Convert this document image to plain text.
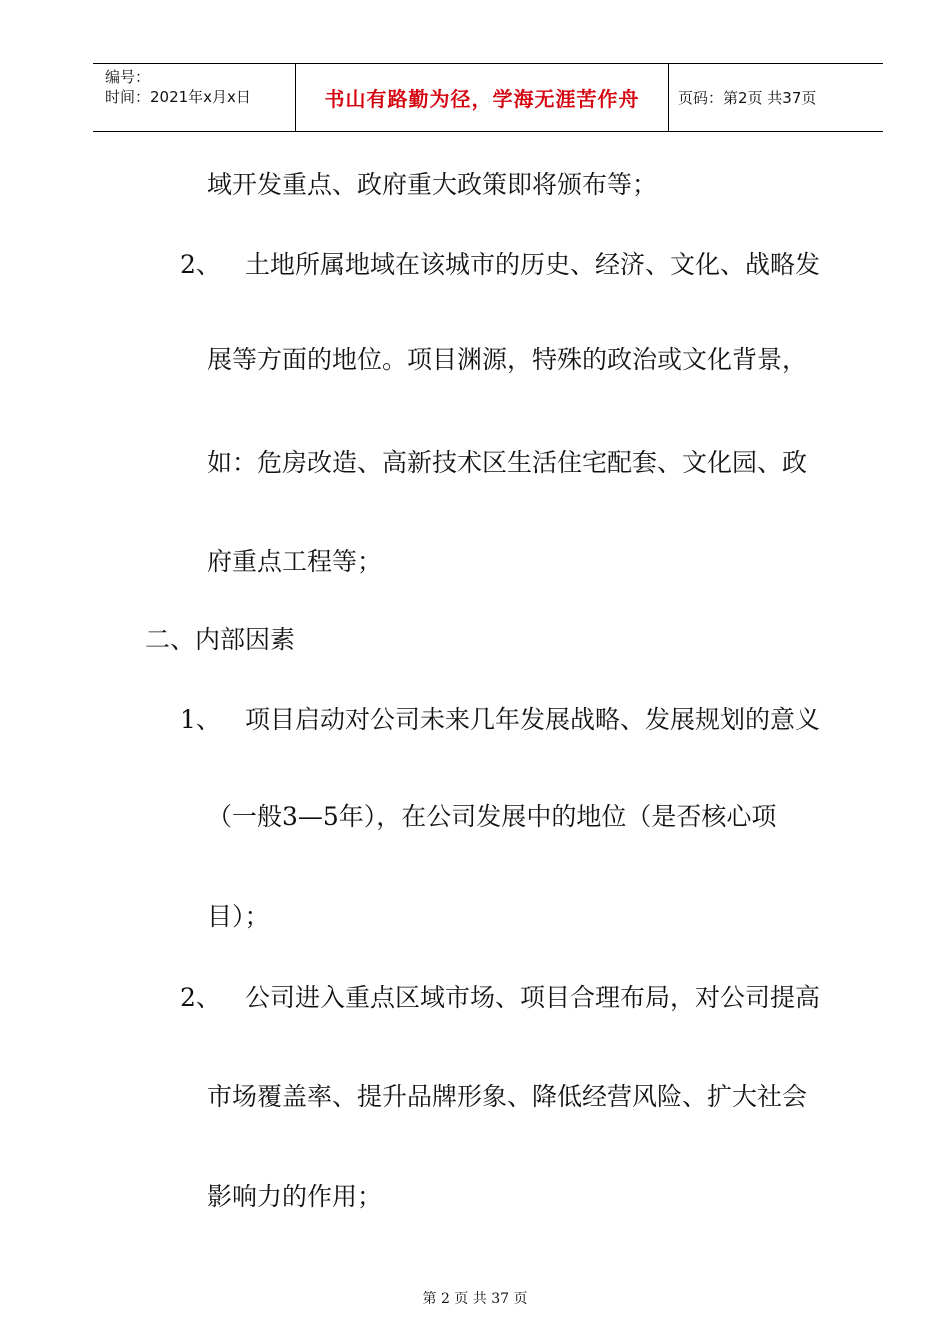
编号：
时间：2021年x月x日	书山有路勤为径，学海无涯苦作舟	页码：第2页 共37页
域开发重点、政府重大政策即将颁布等；
2、 土地所属地域在该城市的历史、经济、文化、战略发
展等方面的地位。项目渊源，特殊的政治或文化背景，
如：危房改造、高新技术区生活住宅配套、文化园、政
府重点工程等；
二、内部因素
1、 项目启动对公司未来几年发展战略、发展规划的意义
（一般3—5年），在公司发展中的地位（是否核心项
目）；
2、 公司进入重点区域市场、项目合理布局，对公司提高
市场覆盖率、提升品牌形象、降低经营风险、扩大社会
影响力的作用；
第 2 页 共 37 页
